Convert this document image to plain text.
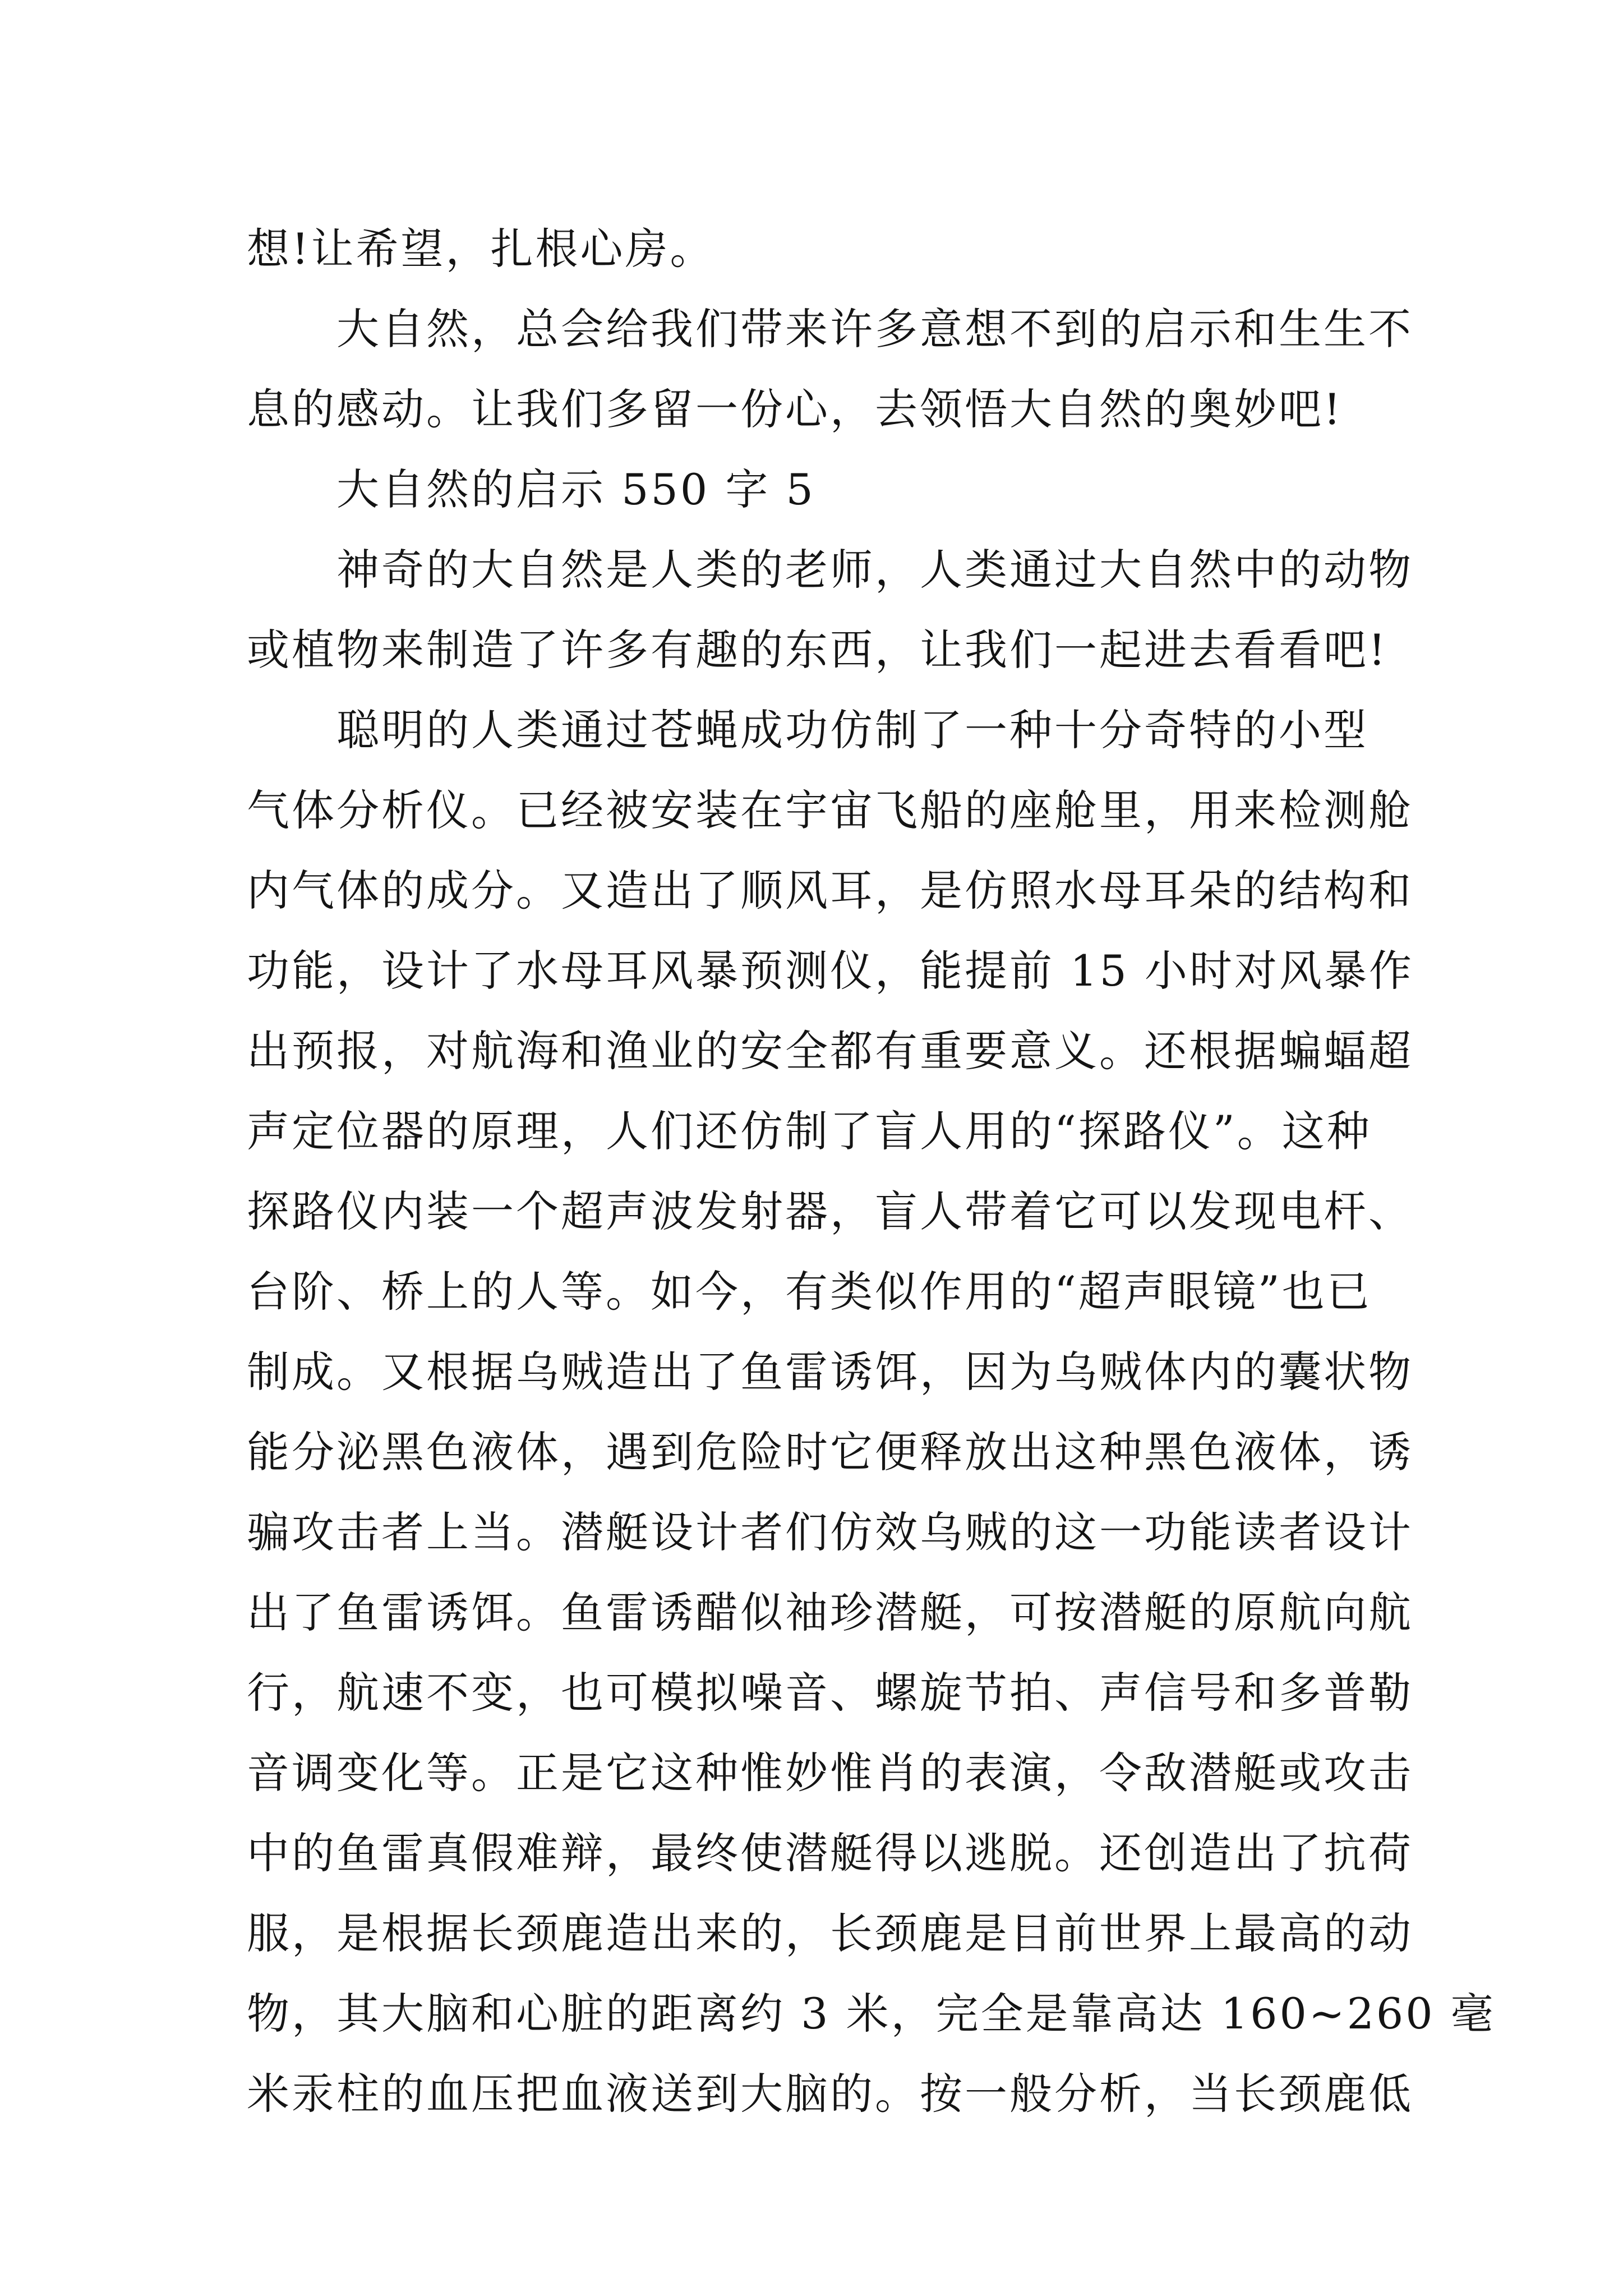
想!让希望，扎根心房。

大自然，总会给我们带来许多意想不到的启示和生生不
息的感动。让我们多留一份心，去领悟大自然的奥妙吧!

大自然的启示 550 字 5

神奇的大自然是人类的老师，人类通过大自然中的动物
或植物来制造了许多有趣的东西，让我们一起进去看看吧!

聪明的人类通过苍蝇成功仿制了一种十分奇特的小型
气体分析仪。已经被安装在宇宙飞船的座舱里，用来检测舱
内气体的成分。又造出了顺风耳，是仿照水母耳朵的结构和
功能，设计了水母耳风暴预测仪，能提前 15 小时对风暴作
出预报，对航海和渔业的安全都有重要意义。还根据蝙蝠超
声定位器的原理，人们还仿制了盲人用的“探路仪”。这种
探路仪内装一个超声波发射器，盲人带着它可以发现电杆、
台阶、桥上的人等。如今，有类似作用的“超声眼镜”也已
制成。又根据乌贼造出了鱼雷诱饵，因为乌贼体内的囊状物
能分泌黑色液体，遇到危险时它便释放出这种黑色液体，诱
骗攻击者上当。潜艇设计者们仿效乌贼的这一功能读者设计
出了鱼雷诱饵。鱼雷诱醋似袖珍潜艇，可按潜艇的原航向航
行，航速不变，也可模拟噪音、螺旋节拍、声信号和多普勒
音调变化等。正是它这种惟妙惟肖的表演，令敌潜艇或攻击
中的鱼雷真假难辩，最终使潜艇得以逃脱。还创造出了抗荷
服，是根据长颈鹿造出来的，长颈鹿是目前世界上最高的动
物，其大脑和心脏的距离约 3 米，完全是靠高达 160~260 毫
米汞柱的血压把血液送到大脑的。按一般分析，当长颈鹿低
